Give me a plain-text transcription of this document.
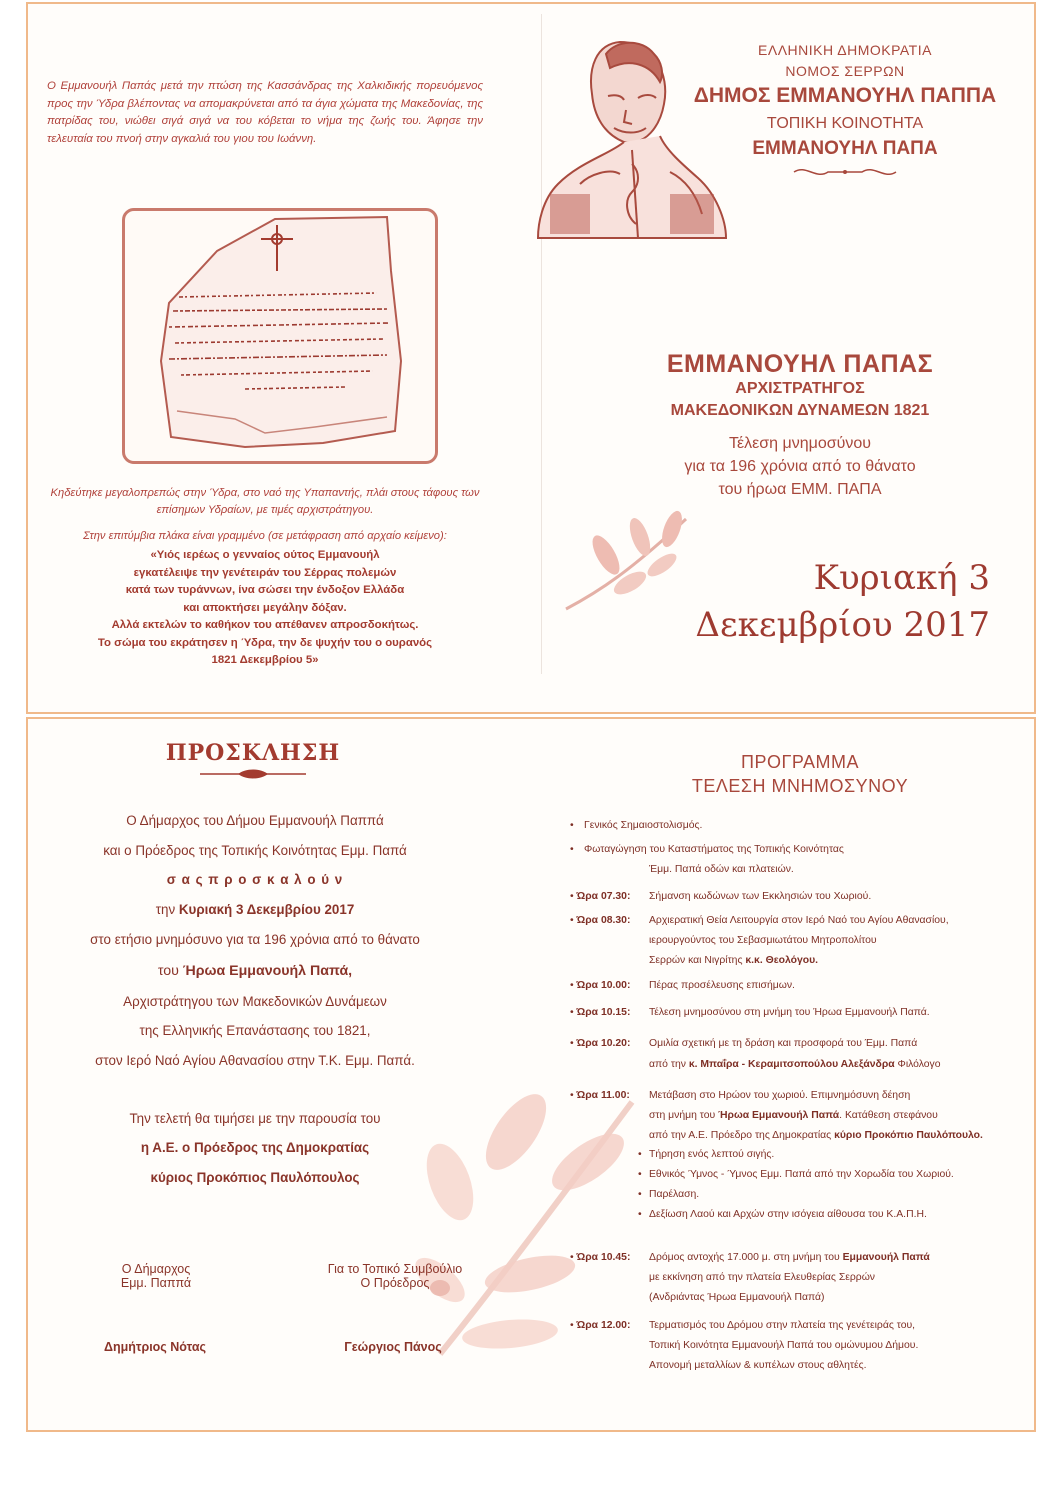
Ο Εμμανουήλ Παπάς μετά την πτώση της Κασσάνδρας της Χαλκιδικής πορευόμενος προς την Ύδρα βλέποντας να απομακρύνεται από τα άγια χώματα της Μακεδονίας, της πατρίδας του, νιώθει σιγά σιγά να του κόβεται το νήμα της ζωής του. Άφησε την τελευταία του πνοή στην αγκαλιά του γιου του Ιωάννη.
Κηδεύτηκε μεγαλοπρεπώς στην Ύδρα, στο ναό της Υπαπαντής, πλάι στους τάφους των επίσημων Υδραίων, με τιμές αρχιστράτηγου.
Στην επιτύμβια πλάκα είναι γραμμένο (σε μετάφραση από αρχαίο κείμενο):
«Υιός ιερέως ο γενναίος ούτος Εμμανουήλ
εγκατέλειψε την γενέτειράν του Σέρρας πολεμών
κατά των τυράννων, ίνα σώσει την ένδοξον Ελλάδα
και αποκτήσει μεγάλην δόξαν.
Αλλά εκτελών το καθήκον του απέθανεν απροσδοκήτως.
Το σώμα του εκράτησεν η Ύδρα, την δε ψυχήν του ο ουρανός
1821 Δεκεμβρίου 5»
ΕΛΛΗΝΙΚΗ ΔΗΜΟΚΡΑΤΙΑ
ΝΟΜΟΣ ΣΕΡΡΩΝ
ΔΗΜΟΣ ΕΜΜΑΝΟΥΗΛ ΠΑΠΠΑ
ΤΟΠΙΚΗ ΚΟΙΝΟΤΗΤΑ
ΕΜΜΑΝΟΥΗΛ ΠΑΠΑ
ΕΜΜΑΝΟΥΗΛ ΠΑΠΑΣ
ΑΡΧΙΣΤΡΑΤΗΓΟΣ
ΜΑΚΕΔΟΝΙΚΩΝ ΔΥΝΑΜΕΩΝ 1821
Τέλεση μνημοσύνου
για τα 196 χρόνια από το θάνατο
του ήρωα ΕΜΜ. ΠΑΠΑ
Κυριακή 3
Δεκεμβρίου 2017
ΠΡΟΣΚΛΗΣΗ
Ο Δήμαρχος του Δήμου Εμμανουήλ Παππά
και ο Πρόεδρος της Τοπικής Κοινότητας Εμμ. Παπά
σ α ς π ρ ο σ κ α λ ο ύ ν
την Κυριακή 3 Δεκεμβρίου 2017
στο ετήσιο μνημόσυνο για τα 196 χρόνια από το θάνατο
του Ήρωα Εμμανουήλ Παπά,
Αρχιστράτηγου των Μακεδονικών Δυνάμεων
της Ελληνικής Επανάστασης του 1821,
στον Ιερό Ναό Αγίου Αθανασίου στην Τ.Κ. Εμμ. Παπά.
Την τελετή θα τιμήσει με την παρουσία του
η Α.Ε. ο Πρόεδρος της Δημοκρατίας
κύριος Προκόπιος Παυλόπουλος
Ο Δήμαρχος
Εμμ. Παππά
Δημήτριος Νότας
Για το Τοπικό Συμβούλιο
Ο Πρόεδρος
Γεώργιος Πάνος
ΠΡΟΓΡΑΜΜΑ
ΤΕΛΕΣΗ ΜΝΗΜΟΣΥΝΟΥ
• Γενικός Σημαιοστολισμός.
• Φωταγώγηση του Καταστήματος της Τοπικής Κοινότητας
Έμμ. Παπά οδών και πλατειών.
• Ώρα 07.30:	Σήμανση κωδώνων των Εκκλησιών του Χωριού.
• Ώρα 08.30:	Αρχιερατική Θεία Λειτουργία στον Ιερό Ναό του Αγίου Αθανασίου,
ιερουργούντος του Σεβασμιωτάτου Μητροπολίτου
Σερρών και Νιγρίτης κ.κ. Θεολόγου.
• Ώρα 10.00:	Πέρας προσέλευσης επισήμων.
• Ώρα 10.15:	Τέλεση μνημοσύνου στη μνήμη του Ήρωα Εμμανουήλ Παπά.
• Ώρα 10.20:	Ομιλία σχετική με τη δράση και προσφορά του Έμμ. Παπά
από την κ. Μπαΐρα - Κεραμιτσοπούλου Αλεξάνδρα Φιλόλογο
• Ώρα 11.00:	Μετάβαση στο Ηρώον του χωριού. Επιμνημόσυνη δέηση
στη μνήμη του Ήρωα Εμμανουήλ Παπά. Κατάθεση στεφάνου
από την Α.Ε. Πρόεδρο της Δημοκρατίας κύριο Προκόπιο Παυλόπουλο.
• Τήρηση ενός λεπτού σιγής.
• Εθνικός Ύμνος - Ύμνος Εμμ. Παπά από την Χορωδία του Χωριού.
• Παρέλαση.
• Δεξίωση Λαού και Αρχών στην ισόγεια αίθουσα του Κ.Α.Π.Η.
• Ώρα 10.45:	Δρόμος αντοχής 17.000 μ. στη μνήμη του Εμμανουήλ Παπά
με εκκίνηση από την πλατεία Ελευθερίας Σερρών
(Ανδριάντας Ήρωα Εμμανουήλ Παπά)
• Ώρα 12.00:	Τερματισμός του Δρόμου στην πλατεία της γενέτειράς του,
Τοπική Κοινότητα Εμμανουήλ Παπά του ομώνυμου Δήμου.
Απονομή μεταλλίων & κυπέλων στους αθλητές.
